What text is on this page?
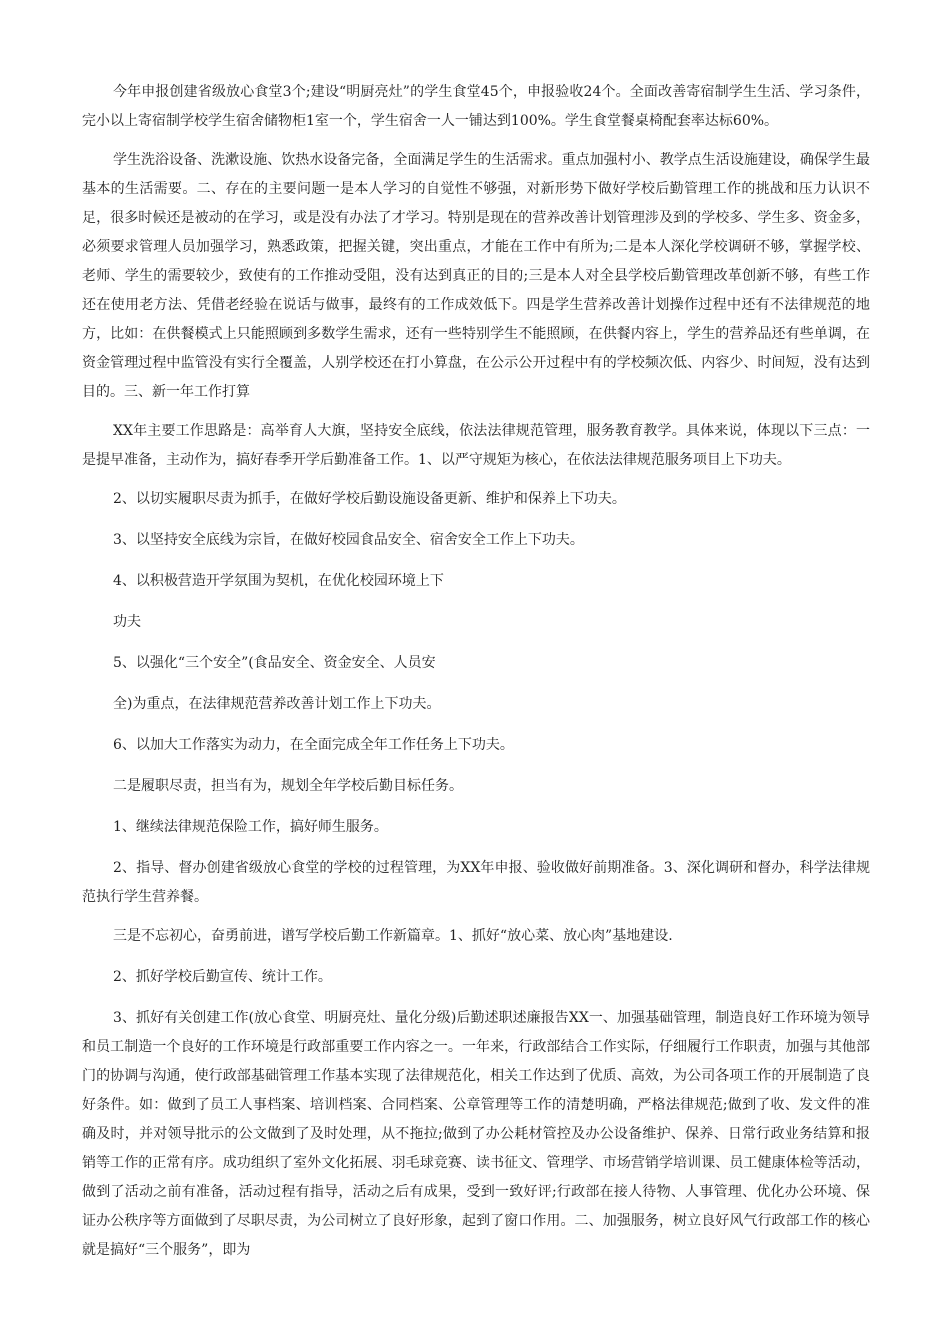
今年申报创建省级放心食堂3个;建设“明厨亮灶”的学生食堂45个，申报验收24个。全面改善寄宿制学生生活、学习条件，完小以上寄宿制学校学生宿舍储物柜1室一个，学生宿舍一人一铺达到100%。学生食堂餐桌椅配套率达标60%。

学生洗浴设备、洗漱设施、饮热水设备完备，全面满足学生的生活需求。重点加强村小、教学点生活设施建设，确保学生最基本的生活需要。二、存在的主要问题一是本人学习的自觉性不够强，对新形势下做好学校后勤管理工作的挑战和压力认识不足，很多时候还是被动的在学习，或是没有办法了才学习。特别是现在的营养改善计划管理涉及到的学校多、学生多、资金多，必须要求管理人员加强学习，熟悉政策，把握关键，突出重点，才能在工作中有所为;二是本人深化学校调研不够，掌握学校、老师、学生的需要较少，致使有的工作推动受阻，没有达到真正的目的;三是本人对全县学校后勤管理改革创新不够，有些工作还在使用老方法、凭借老经验在说话与做事，最终有的工作成效低下。四是学生营养改善计划操作过程中还有不法律规范的地方，比如：在供餐模式上只能照顾到多数学生需求，还有一些特别学生不能照顾，在供餐内容上，学生的营养品还有些单调，在资金管理过程中监管没有实行全覆盖，人别学校还在打小算盘，在公示公开过程中有的学校频次低、内容少、时间短，没有达到目的。三、新一年工作打算

XX年主要工作思路是：高举育人大旗，坚持安全底线，依法法律规范管理，服务教育教学。具体来说，体现以下三点：一是提早准备，主动作为，搞好春季开学后勤准备工作。1、以严守规矩为核心，在依法法律规范服务项目上下功夫。

2、以切实履职尽责为抓手，在做好学校后勤设施设备更新、维护和保养上下功夫。

3、以坚持安全底线为宗旨，在做好校园食品安全、宿舍安全工作上下功夫。

4、以积极营造开学氛围为契机，在优化校园环境上下

功夫

5、以强化“三个安全”(食品安全、资金安全、人员安

全)为重点，在法律规范营养改善计划工作上下功夫。

6、以加大工作落实为动力，在全面完成全年工作任务上下功夫。

二是履职尽责，担当有为，规划全年学校后勤目标任务。

1、继续法律规范保险工作，搞好师生服务。

2、指导、督办创建省级放心食堂的学校的过程管理，为XX年申报、验收做好前期准备。3、深化调研和督办，科学法律规范执行学生营养餐。

三是不忘初心，奋勇前进，谱写学校后勤工作新篇章。1、抓好“放心菜、放心肉”基地建设.

2、抓好学校后勤宣传、统计工作。

3、抓好有关创建工作(放心食堂、明厨亮灶、量化分级)后勤述职述廉报告XX一、加强基础管理，制造良好工作环境为领导和员工制造一个良好的工作环境是行政部重要工作内容之一。一年来，行政部结合工作实际，仔细履行工作职责，加强与其他部门的协调与沟通，使行政部基础管理工作基本实现了法律规范化，相关工作达到了优质、高效，为公司各项工作的开展制造了良好条件。如：做到了员工人事档案、培训档案、合同档案、公章管理等工作的清楚明确，严格法律规范;做到了收、发文件的准确及时，并对领导批示的公文做到了及时处理，从不拖拉;做到了办公耗材管控及办公设备维护、保养、日常行政业务结算和报销等工作的正常有序。成功组织了室外文化拓展、羽毛球竞赛、读书征文、管理学、市场营销学培训课、员工健康体检等活动，做到了活动之前有准备，活动过程有指导，活动之后有成果，受到一致好评;行政部在接人待物、人事管理、优化办公环境、保证办公秩序等方面做到了尽职尽责，为公司树立了良好形象，起到了窗口作用。二、加强服务，树立良好风气行政部工作的核心就是搞好“三个服务”，即为
